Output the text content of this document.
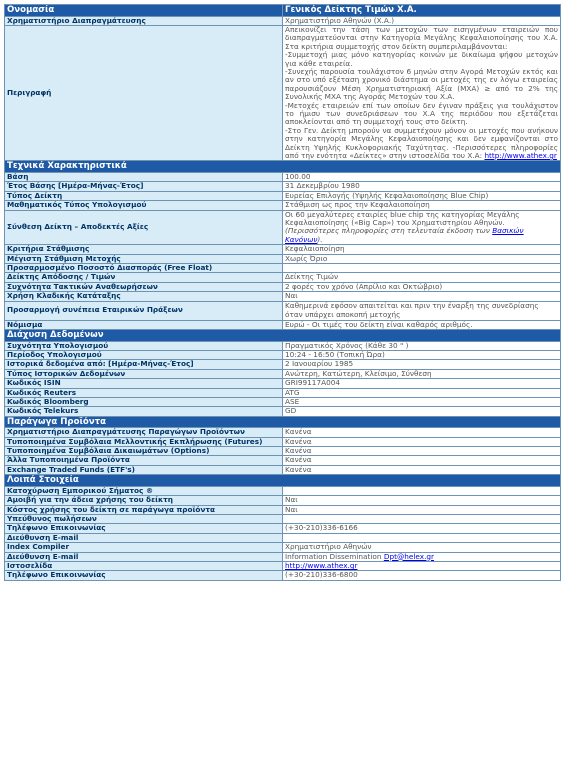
Ονομασία	Γενικός Δείκτης Τιμών Χ.Α.
Χρηματιστήριο Διαπραγμάτευσης	Χρηματιστήριο Αθηνών (Χ.Α.)
Περιγραφή	Απεικονίζει την τάση των μετοχών των εισηγμένων εταιρειών που διαπραγματεύονται στην Κατηγορία Μεγάλης Κεφαλαιοποίησης του Χ.Α. Στα κριτήρια συμμετοχής στον δείκτη συμπεριλαμβάνονται:

-Συμμετοχή μιας μόνο κατηγορίας κοινών με δικαίωμα ψήφου μετοχών για κάθε εταιρεία.

-Συνεχής παρουσία τουλάχιστον 6 μηνών στην Αγορά Μετοχών εκτός και αν στο υπό εξέταση χρονικό διάστημα οι μετοχές της εν λόγω εταιρείας παρουσιάζουν Μέση Χρηματιστηριακή Αξία (ΜΧΑ) ≥ από το 2% της Συνολικής ΜΧΑ της Αγοράς Μετοχών του Χ.Α.

-Μετοχές εταιρειών επί των οποίων δεν έγιναν πράξεις για τουλάχιστον το ήμισυ των συνεδριάσεων του Χ.Α της περιόδου που εξετάζεται αποκλείονται από τη συμμετοχή τους στο δείκτη.

-Στο Γεν. Δείκτη μπορούν να συμμετέχουν μόνον οι μετοχές που ανήκουν στην κατηγορία Μεγάλης Κεφαλαιοποίησης και δεν εμφανίζονται στο Δείκτη Υψηλής Κυκλοφοριακής Ταχύτητας. -Περισσότερες πληροφορίες από την ενότητα «Δείκτες» στην ιστοσελίδα του Χ.Α: http://www.athex.gr

Τεχνικά Χαρακτηριστικά	
Βάση	100.00
Έτος Βάσης [Ημέρα-Μήνας-Έτος]	31 Δεκεμβρίου 1980
Τύπος Δείκτη	Ευρείας Επιλογής (Υψηλής Κεφαλαιοποίησης Blue Chip)
Μαθηματικός Τύπος Υπολογισμού	Στάθμιση ως προς την Κεφαλαιοποίηση
Σύνθεση Δείκτη – Αποδεκτές Αξίες	Οι 60 μεγαλύτερες εταιρίες blue chip της κατηγορίας Μεγάλης Κεφαλαιοποίησης («Big Cap») του Χρηματιστηρίου Αθηνών. (Περισσότερες πληροφορίες στη τελευταία έκδοση των Βασικών Κανόνων).
Κριτήρια Στάθμισης	Κεφαλαιοποίηση
Μέγιστη Στάθμιση Μετοχής	Χωρίς Όριο
Προσαρμοσμένο Ποσοστό Διασποράς (Free Float)	
Δείκτης Απόδοσης / Τιμών	Δείκτης Τιμών
Συχνότητα Τακτικών Αναθεωρήσεων	2 φορές τον χρόνο (Απρίλιο και Οκτώβριο)
Χρήση Κλαδικής Κατάταξης	Ναι
Προσαρμογή συνέπεια Εταιρικών Πράξεων	Καθημερινά εφόσον απαιτείται και πριν την έναρξη της συνεδρίασης όταν υπάρχει αποκοπή μετοχής
Νόμισμα	Ευρώ - Οι τιμές του δείκτη είναι καθαρός αριθμός.
Διάχυση Δεδομένων	
Συχνότητα Υπολογισμού	Πραγματικός Χρόνος (Κάθε 30 " )
Περίοδος Υπολογισμού	10:24 - 16:50 (Τοπική Ώρα)
Ιστορικά δεδομένα από: [Ημέρα-Μήνας-Έτος]	2 Ιανουαρίου 1985
Τύπος Ιστορικών Δεδομένων	Ανώτερη, Κατώτερη, Κλείσιμο, Σύνθεση
Κωδικός ISIN	GRI99117A004
Κωδικός Reuters	ATG
Κωδικός Bloomberg	ASE
Κωδικός Telekurs	GD
Παράγωγα Προϊόντα	
Χρηματιστήριο Διαπραγμάτευσης Παραγώγων Προϊόντων	Κανένα
Τυποποιημένα Συμβόλαια Μελλοντικής Εκπλήρωσης (Futures)	Κανένα
Τυποποιημένα Συμβόλαια Δικαιωμάτων (Options)	Κανένα
Άλλα Τυποποιημένα Προϊόντα	Κανένα
Exchange Traded Funds (ETF's)	Κανένα
Λοιπά Στοιχεία	
Κατοχύρωση Εμπορικού Σήματος ®	
Αμοιβή για την άδεια χρήσης του δείκτη	Ναι
Κόστος χρήσης του δείκτη σε παράγωγα προϊόντα	Ναι
Υπεύθυνος πωλήσεων	
Τηλέφωνο Επικοινωνίας	(+30-210)336-6166
Διεύθυνση E-mail	
Index Compiler	Χρηματιστήριο Αθηνών
Διεύθυνση E-mail	Information Dissemination Dpt@helex.gr
Ιστοσελίδα	http://www.athex.gr
Τηλέφωνο Επικοινωνίας	(+30-210)336-6800
